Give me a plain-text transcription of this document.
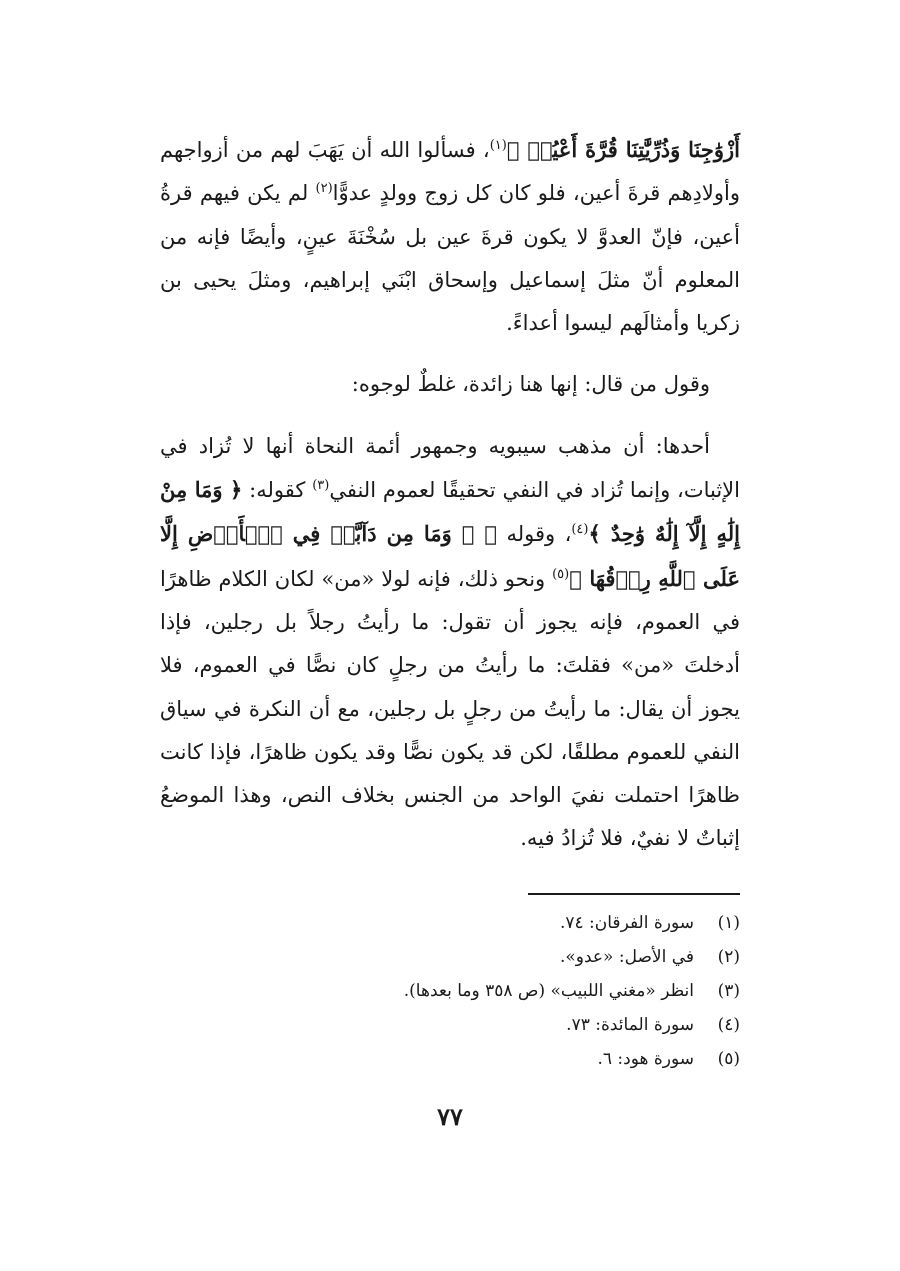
أَزْوَٰجِنَا وَذُرِّيَّٰتِنَا قُرَّةَ أَعْيُنٖ ﴾$^{(١)}$، فسألوا الله أن يَهَبَ لهم من أزواجهم وأولادِهم قرةَ أعين، فلو كان كل زوج وولدٍ عدوًّا$^{(٢)}$ لم يكن فيهم قرةُ أعين، فإنّ العدوَّ لا يكون قرةَ عين بل سُخْنَةَ عينٍ، وأيضًا فإنه من المعلوم أنّ مثلَ إسماعيل وإسحاق ابْنَي إبراهيم، ومثلَ يحيى بن زكريا وأمثالَهم ليسوا أعداءً.

وقول من قال: إنها هنا زائدة، غلطٌ لوجوه:

أحدها: أن مذهب سيبويه وجمهور أئمة النحاة أنها لا تُزاد في الإثبات، وإنما تُزاد في النفي تحقيقًا لعموم النفي$^{(٣)}$ كقوله: ﴿ وَمَا مِنْ إِلَٰهٍ إِلَّآ إِلَٰهٌ وَٰحِدٌ ﴾$^{(٤)}$، وقوله ﴿ ۞ وَمَا مِن دَآبَّةٖ فِي ٱلۡأَرۡضِ إِلَّا عَلَى ٱللَّهِ رِزۡقُهَا ﴾$^{(٥)}$ ونحو ذلك، فإنه لولا «من» لكان الكلام ظاهرًا في العموم، فإنه يجوز أن تقول: ما رأيتُ رجلاً بل رجلين، فإذا أدخلتَ «من» فقلتَ: ما رأيتُ من رجلٍ كان نصًّا في العموم، فلا يجوز أن يقال: ما رأيتُ من رجلٍ بل رجلين، مع أن النكرة في سياق النفي للعموم مطلقًا، لكن قد يكون نصًّا وقد يكون ظاهرًا، فإذا كانت ظاهرًا احتملت نفيَ الواحد من الجنس بخلاف النص، وهذا الموضعُ إثباتٌ لا نفيٌ، فلا تُزادُ فيه.

(١)
سورة الفرقان: ٧٤.
(٢)
في الأصل: «عدو».
(٣)
انظر «مغني اللبيب» (ص ٣٥٨ وما بعدها).
(٤)
سورة المائدة: ٧٣.
(٥)
سورة هود: ٦.
٧٧
